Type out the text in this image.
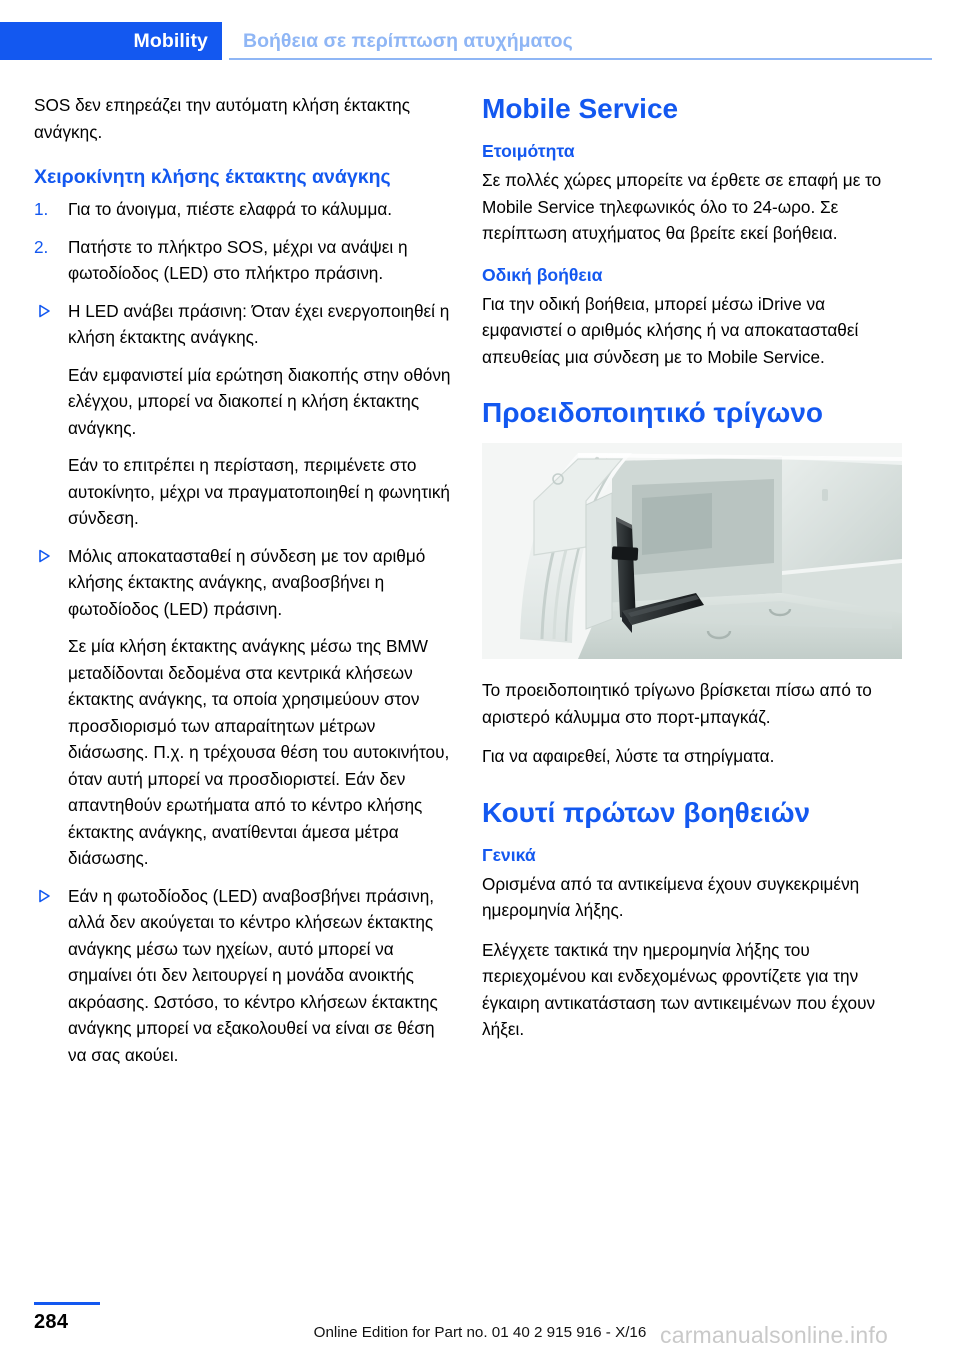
Mobility	Βοήθεια σε περίπτωση ατυχήματος

SOS δεν επηρεάζει την αυτόματη κλήση έκτακτης ανάγκης.

Χειροκίνητη κλήσης έκτακτης ανάγκης
1.	Για το άνοιγμα, πιέστε ελαφρά το κάλυμμα.
2.	Πατήστε το πλήκτρο SOS, μέχρι να ανάψει η φωτοδίοδος (LED) στο πλήκτρο πράσινη.
Η LED ανάβει πράσινη: Όταν έχει ενεργοποιηθεί η κλήση έκτακτης ανάγκης.

Εάν εμφανιστεί μία ερώτηση διακοπής στην οθόνη ελέγχου, μπορεί να διακοπεί η κλήση έκτακτης ανάγκης.

Εάν το επιτρέπει η περίσταση, περιμένετε στο αυτοκίνητο, μέχρι να πραγματοποιηθεί η φωνητική σύνδεση.

Μόλις αποκατασταθεί η σύνδεση με τον αριθμό κλήσης έκτακτης ανάγκης, αναβοσβήνει η φωτοδίοδος (LED) πράσινη.

Σε μία κλήση έκτακτης ανάγκης μέσω της BMW μεταδίδονται δεδομένα στα κεντρικά κλήσεων έκτακτης ανάγκης, τα οποία χρησιμεύουν στον προσδιορισμό των απαραίτητων μέτρων διάσωσης. Π.χ. η τρέχουσα θέση του αυτοκινήτου, όταν αυτή μπορεί να προσδιοριστεί. Εάν δεν απαντηθούν ερωτήματα από το κέντρο κλήσης έκτακτης ανάγκης, ανατίθενται άμεσα μέτρα διάσωσης.

Εάν η φωτοδίοδος (LED) αναβοσβήνει πράσινη, αλλά δεν ακούγεται το κέντρο κλήσεων έκτακτης ανάγκης μέσω των ηχείων, αυτό μπορεί να σημαίνει ότι δεν λειτουργεί η μονάδα ανοικτής ακρόασης. Ωστόσο, το κέντρο κλήσεων έκτακτης ανάγκης μπορεί να εξακολουθεί να είναι σε θέση να σας ακούει.
Mobile Service
Ετοιμότητα

Σε πολλές χώρες μπορείτε να έρθετε σε επαφή με το Mobile Service τηλεφωνικός όλο το 24-ωρο. Σε περίπτωση ατυχήματος θα βρείτε εκεί βοήθεια.

Οδική βοήθεια

Για την οδική βοήθεια, μπορεί μέσω iDrive να εμφανιστεί ο αριθμός κλήσης ή να αποκατασταθεί απευθείας μια σύνδεση με το Mobile Service.

Προειδοποιητικό τρίγωνο

Το προειδοποιητικό τρίγωνο βρίσκεται πίσω από το αριστερό κάλυμμα στο πορτ-μπαγκάζ.

Για να αφαιρεθεί, λύστε τα στηρίγματα.

Κουτί πρώτων βοηθειών
Γενικά

Ορισμένα από τα αντικείμενα έχουν συγκεκριμένη ημερομηνία λήξης.

Ελέγχετε τακτικά την ημερομηνία λήξης του περιεχομένου και ενδεχομένως φροντίζετε για την έγκαιρη αντικατάσταση των αντικειμένων που έχουν λήξει.

284	Online Edition for Part no. 01 40 2 915 916 - X/16 carmanualsonline.info
